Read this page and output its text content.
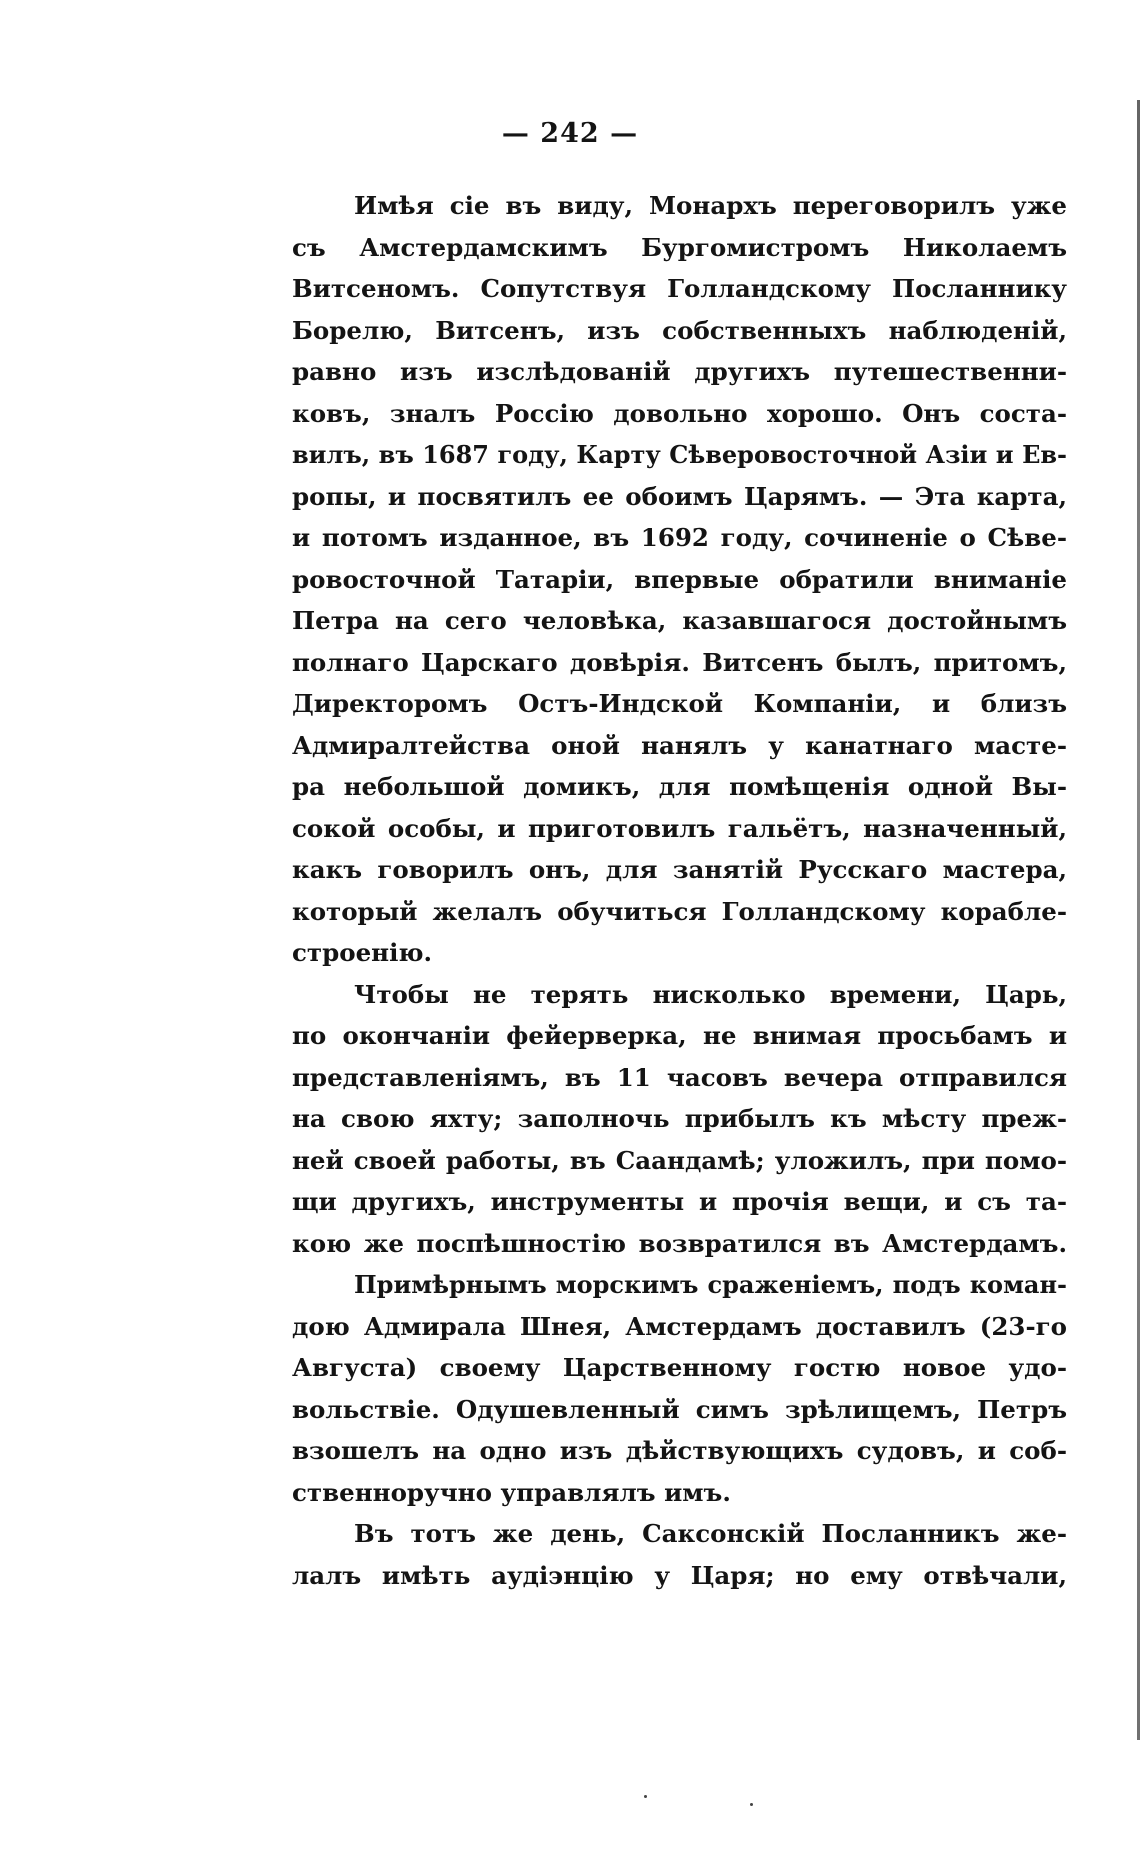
— 242 —
Имѣя сіе въ виду, Монархъ переговорилъ уже
съ Амстердамскимъ Бургомистромъ Николаемъ
Витсеномъ. Сопутствуя Голландскому Посланнику
Борелю, Витсенъ, изъ собственныхъ наблюденій,
равно изъ изслѣдованій другихъ путешественни-
ковъ, зналъ Россію довольно хорошо. Онъ соста-
вилъ, въ 1687 году, Карту Сѣверовосточной Азіи и Ев-
ропы, и посвятилъ ее обоимъ Царямъ. — Эта карта,
и потомъ изданное, въ 1692 году, сочиненіе о Сѣве-
ровосточной Татаріи, впервые обратили вниманіе
Петра на сего человѣка, казавшагося достойнымъ
полнаго Царскаго довѣрія. Витсенъ былъ, притомъ,
Директоромъ Остъ-Индской Компаніи, и близъ
Адмиралтейства оной нанялъ у канатнаго мастe-
ра небольшой домикъ, для помѣщенія одной Вы-
сокой особы, и приготовилъ гальётъ, назначенный,
какъ говорилъ онъ, для занятій Русскаго мастера,
который желалъ обучиться Голландскому корабле-
строенію.
Чтобы не терять нисколько времени, Царь,
по окончаніи фейерверка, не внимая просьбамъ и
представленіямъ, въ 11 часовъ вечера отправился
на свою яхту; заполночь прибылъ къ мѣсту преж-
ней своей работы, въ Саандамѣ; уложилъ, при помо-
щи другихъ, инструменты и прочія вещи, и съ та-
кою же поспѣшностію возвратился въ Амстердамъ.
Примѣрнымъ морскимъ сраженіемъ, подъ коман-
дою Адмирала Шнея, Амстердамъ доставилъ (23-го
Августа) своему Царственному гостю новое удо-
вольствіе. Одушевленный симъ зрѣлищемъ, Петръ
взошелъ на одно изъ дѣйствующихъ судовъ, и соб-
ственноручно управлялъ имъ.
Въ тотъ же день, Саксонскій Посланникъ же-
лалъ имѣть аудіэнцію у Царя; но ему отвѣчали,
